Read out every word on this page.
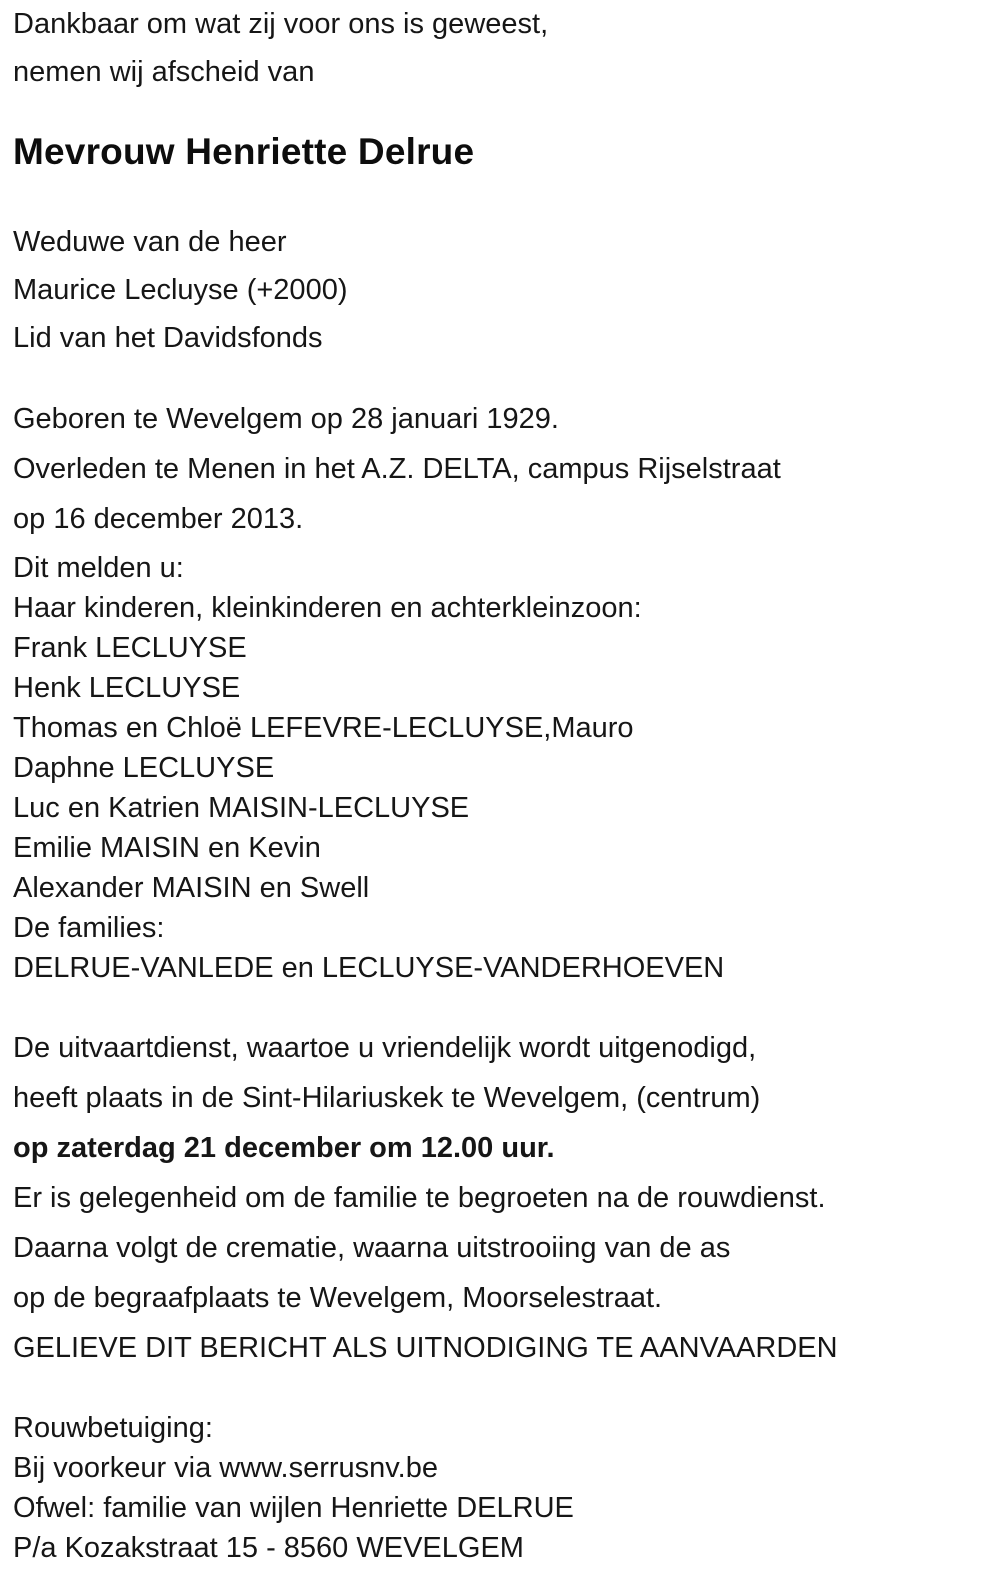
Dankbaar om wat zij voor ons is geweest,
nemen wij afscheid van
Mevrouw Henriette Delrue
Weduwe van de heer
Maurice Lecluyse (+2000)
Lid van het Davidsfonds
Geboren te Wevelgem op 28 januari 1929.
Overleden te Menen in het A.Z. DELTA, campus Rijselstraat
op 16 december 2013.
Dit melden u:
Haar kinderen, kleinkinderen en achterkleinzoon:
Frank LECLUYSE
Henk LECLUYSE
Thomas en Chloë LEFEVRE-LECLUYSE,Mauro
Daphne LECLUYSE
Luc en Katrien MAISIN-LECLUYSE
Emilie MAISIN en Kevin
Alexander MAISIN en Swell
De families:
DELRUE-VANLEDE en LECLUYSE-VANDERHOEVEN
De uitvaartdienst, waartoe u vriendelijk wordt uitgenodigd,
heeft plaats in de Sint-Hilariuskek te Wevelgem, (centrum)
op zaterdag 21 december om 12.00 uur.
Er is gelegenheid om de familie te begroeten na de rouwdienst.
Daarna volgt de crematie, waarna uitstrooiing van de as
op de begraafplaats te Wevelgem, Moorselestraat.
GELIEVE DIT BERICHT ALS UITNODIGING TE AANVAARDEN
Rouwbetuiging:
Bij voorkeur via www.serrusnv.be
Ofwel: familie van wijlen Henriette DELRUE
P/a Kozakstraat 15 - 8560 WEVELGEM
